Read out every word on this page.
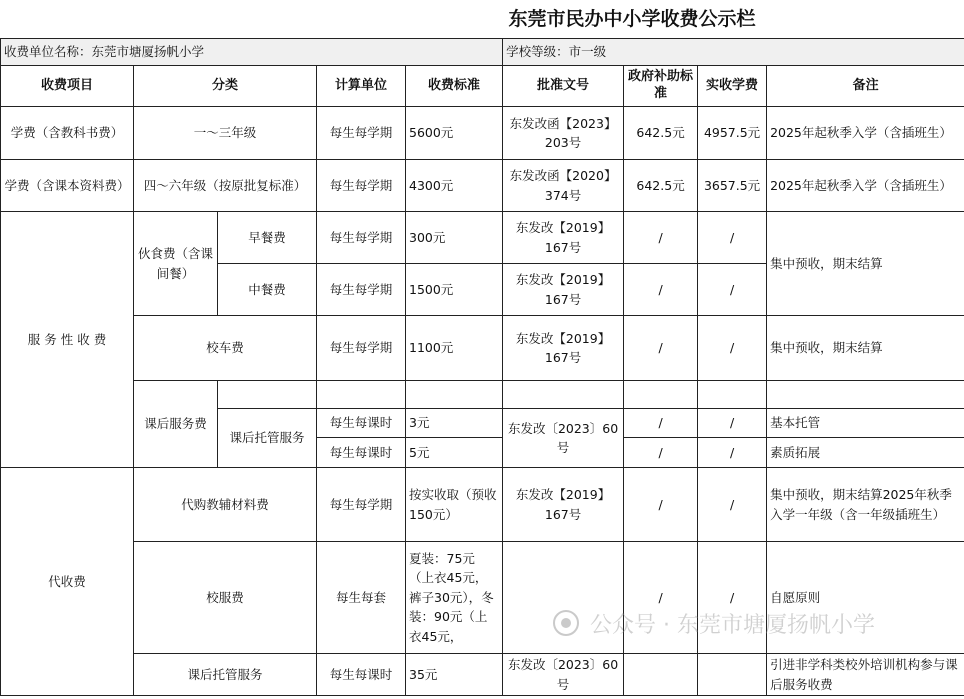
东莞市民办中小学收费公示栏
收费单位名称：东莞市塘厦扬帆小学					学校等级：市一级			
收费项目	分类		计算单位	收费标准	批准文号	政府补助标准	实收学费	备注
学费（含教科书费）	一～三年级		每生每学期	5600元	东发改函【2023】203号	642.5元	4957.5元	2025年起秋季入学（含插班生）
学费（含课本资料费）	四～六年级（按原批复标准）		每生每学期	4300元	东发改函【2020】374号	642.5元	3657.5元	2025年起秋季入学（含插班生）
服 务 性 收 费	伙食费（含课间餐）	早餐费	每生每学期	300元	东发改【2019】167号	/	/	集中预收，期末结算
		中餐费	每生每学期	1500元	东发改【2019】167号	/	/	
	校车费		每生每学期	1100元	东发改【2019】167号	/	/	集中预收，期末结算
	课后服务费							
		课后托管服务	每生每课时	3元	东发改〔2023〕60号	/	/	基本托管
			每生每课时	5元		/	/	素质拓展
代收费	代购教辅材料费		每生每学期	按实收取（预收150元）	东发改【2019】167号	/	/	集中预收，期末结算2025年秋季入学一年级（含一年级插班生）
	校服费		每生每套	夏装：75元（上衣45元，裤子30元），冬装：90元（上衣45元，		/	/	自愿原则
	课后托管服务		每生每课时	35元	东发改〔2023〕60号			引进非学科类校外培训机构参与课后服务收费
公众号 · 东莞市塘厦扬帆小学
